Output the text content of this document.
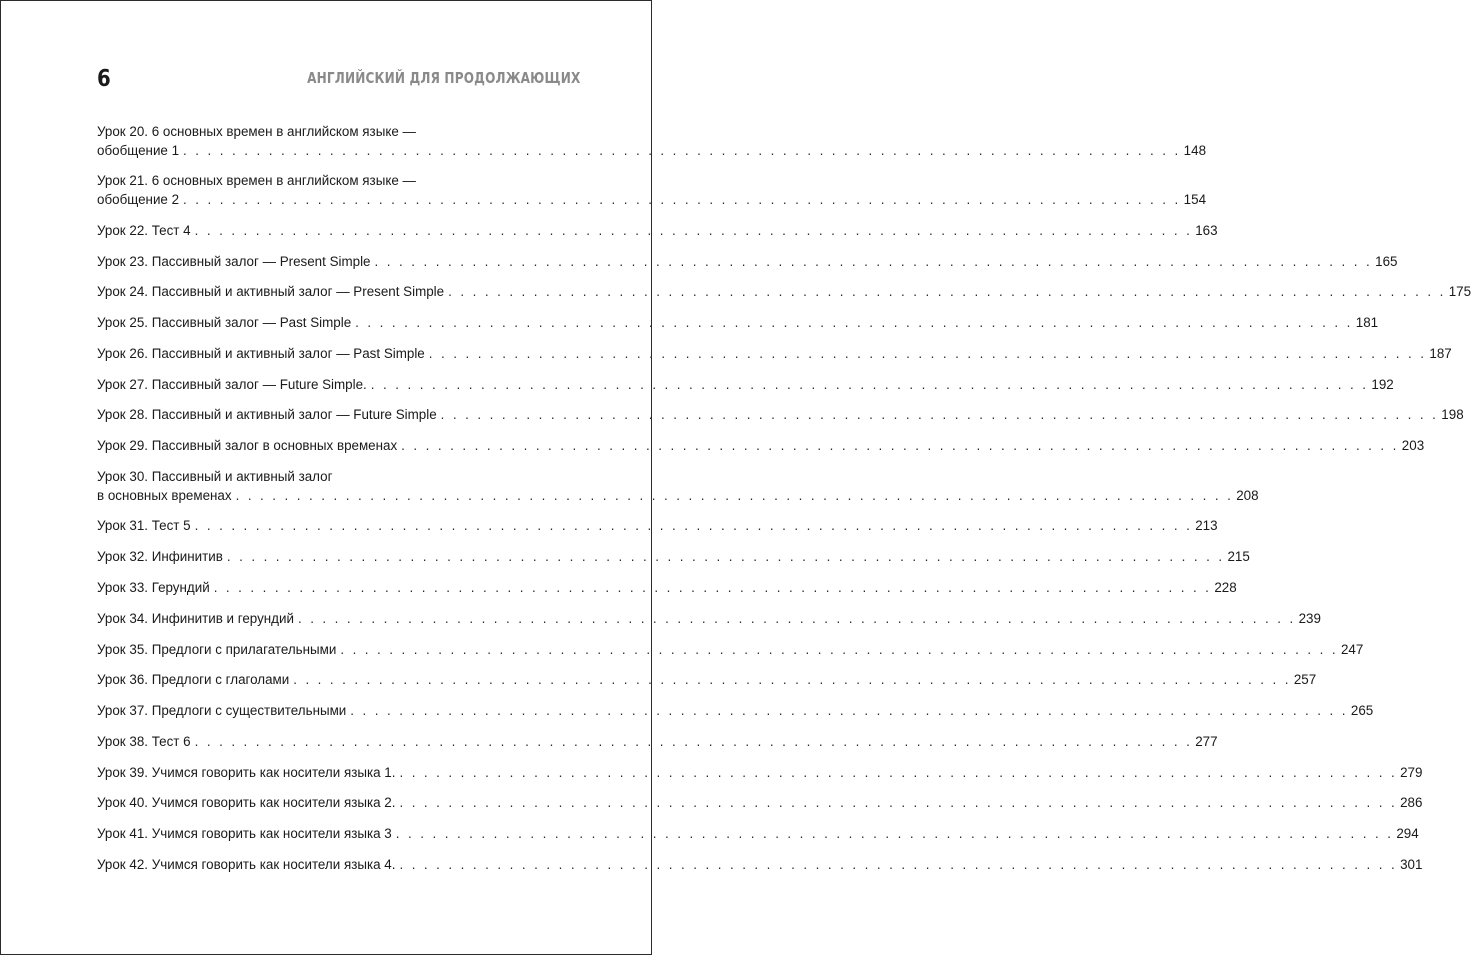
6	АНГЛИЙСКИЙ ДЛЯ ПРОДОЛЖАЮЩИХ
Урок 20. 6 основных времен в английском языке —
обобщение 1 . . . . . . . . . . . . . . . . . . . . . . . . . . . . . . . . . . . . . . . . . . . . . . . . . . . . . . . . . . . . . . . . . . . . . . . . . . . . . . . . . . 148
Урок 21. 6 основных времен в английском языке —
обобщение 2 . . . . . . . . . . . . . . . . . . . . . . . . . . . . . . . . . . . . . . . . . . . . . . . . . . . . . . . . . . . . . . . . . . . . . . . . . . . . . . . . . . 154
Урок 22. Тест 4 . . . . . . . . . . . . . . . . . . . . . . . . . . . . . . . . . . . . . . . . . . . . . . . . . . . . . . . . . . . . . . . . . . . . . . . . . . . . . . . . . . 163
Урок 23. Пассивный залог — Present Simple . . . . . . . . . . . . . . . . . . . . . . . . . . . . . . . . . . . . . . . . . . . . . . . . . . . . . . . . . . . . . . . . . . . . . . . . . . . . . . . . . . 165
Урок 24. Пассивный и активный залог — Present Simple . . . . . . . . . . . . . . . . . . . . . . . . . . . . . . . . . . . . . . . . . . . . . . . . . . . . . . . . . . . . . . . . . . . . . . . . . . . . . . . . . . 175
Урок 25. Пассивный залог — Past Simple . . . . . . . . . . . . . . . . . . . . . . . . . . . . . . . . . . . . . . . . . . . . . . . . . . . . . . . . . . . . . . . . . . . . . . . . . . . . . . . . . . 181
Урок 26. Пассивный и активный залог — Past Simple . . . . . . . . . . . . . . . . . . . . . . . . . . . . . . . . . . . . . . . . . . . . . . . . . . . . . . . . . . . . . . . . . . . . . . . . . . . . . . . . . . 187
Урок 27. Пассивный залог — Future Simple. . . . . . . . . . . . . . . . . . . . . . . . . . . . . . . . . . . . . . . . . . . . . . . . . . . . . . . . . . . . . . . . . . . . . . . . . . . . . . . . . . . 192
Урок 28. Пассивный и активный залог — Future Simple . . . . . . . . . . . . . . . . . . . . . . . . . . . . . . . . . . . . . . . . . . . . . . . . . . . . . . . . . . . . . . . . . . . . . . . . . . . . . . . . . . 198
Урок 29. Пассивный залог в основных временах . . . . . . . . . . . . . . . . . . . . . . . . . . . . . . . . . . . . . . . . . . . . . . . . . . . . . . . . . . . . . . . . . . . . . . . . . . . . . . . . . . 203
Урок 30. Пассивный и активный залог
в основных временах . . . . . . . . . . . . . . . . . . . . . . . . . . . . . . . . . . . . . . . . . . . . . . . . . . . . . . . . . . . . . . . . . . . . . . . . . . . . . . . . . . 208
Урок 31. Тест 5 . . . . . . . . . . . . . . . . . . . . . . . . . . . . . . . . . . . . . . . . . . . . . . . . . . . . . . . . . . . . . . . . . . . . . . . . . . . . . . . . . . 213
Урок 32. Инфинитив . . . . . . . . . . . . . . . . . . . . . . . . . . . . . . . . . . . . . . . . . . . . . . . . . . . . . . . . . . . . . . . . . . . . . . . . . . . . . . . . . . 215
Урок 33. Герундий . . . . . . . . . . . . . . . . . . . . . . . . . . . . . . . . . . . . . . . . . . . . . . . . . . . . . . . . . . . . . . . . . . . . . . . . . . . . . . . . . . 228
Урок 34. Инфинитив и герундий . . . . . . . . . . . . . . . . . . . . . . . . . . . . . . . . . . . . . . . . . . . . . . . . . . . . . . . . . . . . . . . . . . . . . . . . . . . . . . . . . . 239
Урок 35. Предлоги с прилагательными . . . . . . . . . . . . . . . . . . . . . . . . . . . . . . . . . . . . . . . . . . . . . . . . . . . . . . . . . . . . . . . . . . . . . . . . . . . . . . . . . . 247
Урок 36. Предлоги с глаголами . . . . . . . . . . . . . . . . . . . . . . . . . . . . . . . . . . . . . . . . . . . . . . . . . . . . . . . . . . . . . . . . . . . . . . . . . . . . . . . . . . 257
Урок 37. Предлоги с существительными . . . . . . . . . . . . . . . . . . . . . . . . . . . . . . . . . . . . . . . . . . . . . . . . . . . . . . . . . . . . . . . . . . . . . . . . . . . . . . . . . . 265
Урок 38. Тест 6 . . . . . . . . . . . . . . . . . . . . . . . . . . . . . . . . . . . . . . . . . . . . . . . . . . . . . . . . . . . . . . . . . . . . . . . . . . . . . . . . . . 277
Урок 39. Учимся говорить как носители языка 1. . . . . . . . . . . . . . . . . . . . . . . . . . . . . . . . . . . . . . . . . . . . . . . . . . . . . . . . . . . . . . . . . . . . . . . . . . . . . . . . . . . 279
Урок 40. Учимся говорить как носители языка 2. . . . . . . . . . . . . . . . . . . . . . . . . . . . . . . . . . . . . . . . . . . . . . . . . . . . . . . . . . . . . . . . . . . . . . . . . . . . . . . . . . . 286
Урок 41. Учимся говорить как носители языка 3 . . . . . . . . . . . . . . . . . . . . . . . . . . . . . . . . . . . . . . . . . . . . . . . . . . . . . . . . . . . . . . . . . . . . . . . . . . . . . . . . . . 294
Урок 42. Учимся говорить как носители языка 4. . . . . . . . . . . . . . . . . . . . . . . . . . . . . . . . . . . . . . . . . . . . . . . . . . . . . . . . . . . . . . . . . . . . . . . . . . . . . . . . . . . 301
